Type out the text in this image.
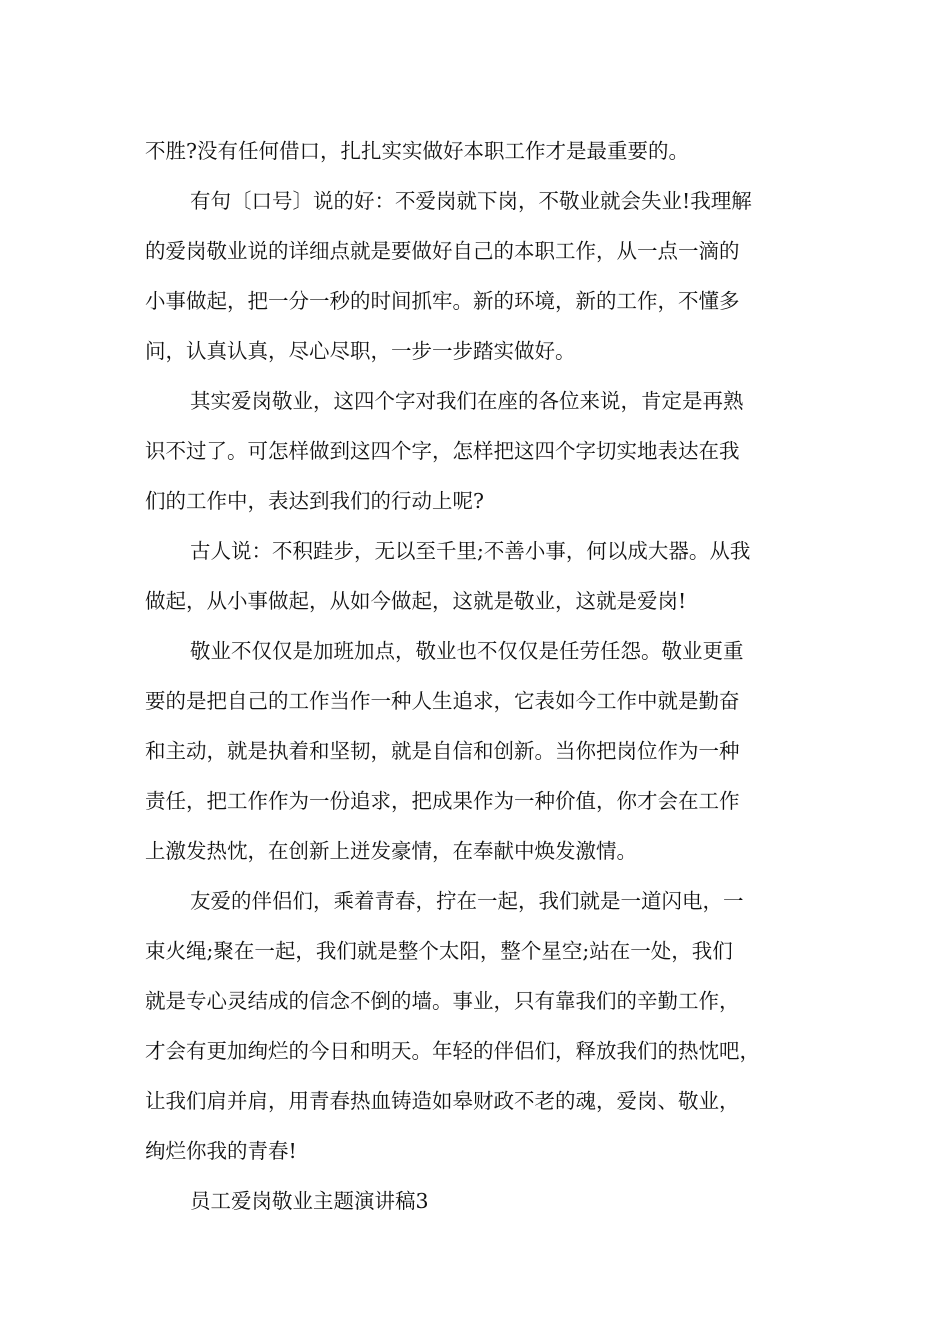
不胜?没有任何借口，扎扎实实做好本职工作才是最重要的。
有句〔口号〕说的好：不爱岗就下岗，不敬业就会失业!我理解
的爱岗敬业说的详细点就是要做好自己的本职工作，从一点一滴的
小事做起，把一分一秒的时间抓牢。新的环境，新的工作，不懂多
问，认真认真，尽心尽职，一步一步踏实做好。
其实爱岗敬业，这四个字对我们在座的各位来说，肯定是再熟
识不过了。可怎样做到这四个字，怎样把这四个字切实地表达在我
们的工作中，表达到我们的行动上呢?
古人说：不积跬步，无以至千里;不善小事，何以成大器。从我
做起，从小事做起，从如今做起，这就是敬业，这就是爱岗!
敬业不仅仅是加班加点，敬业也不仅仅是任劳任怨。敬业更重
要的是把自己的工作当作一种人生追求，它表如今工作中就是勤奋
和主动，就是执着和坚韧，就是自信和创新。当你把岗位作为一种
责任，把工作作为一份追求，把成果作为一种价值，你才会在工作
上激发热忱，在创新上迸发豪情，在奉献中焕发激情。
友爱的伴侣们，乘着青春，拧在一起，我们就是一道闪电，一
束火绳;聚在一起，我们就是整个太阳，整个星空;站在一处，我们
就是专心灵结成的信念不倒的墙。事业，只有靠我们的辛勤工作，
才会有更加绚烂的今日和明天。年轻的伴侣们，释放我们的热忱吧，
让我们肩并肩，用青春热血铸造如皋财政不老的魂，爱岗、敬业，
绚烂你我的青春!
员工爱岗敬业主题演讲稿3
